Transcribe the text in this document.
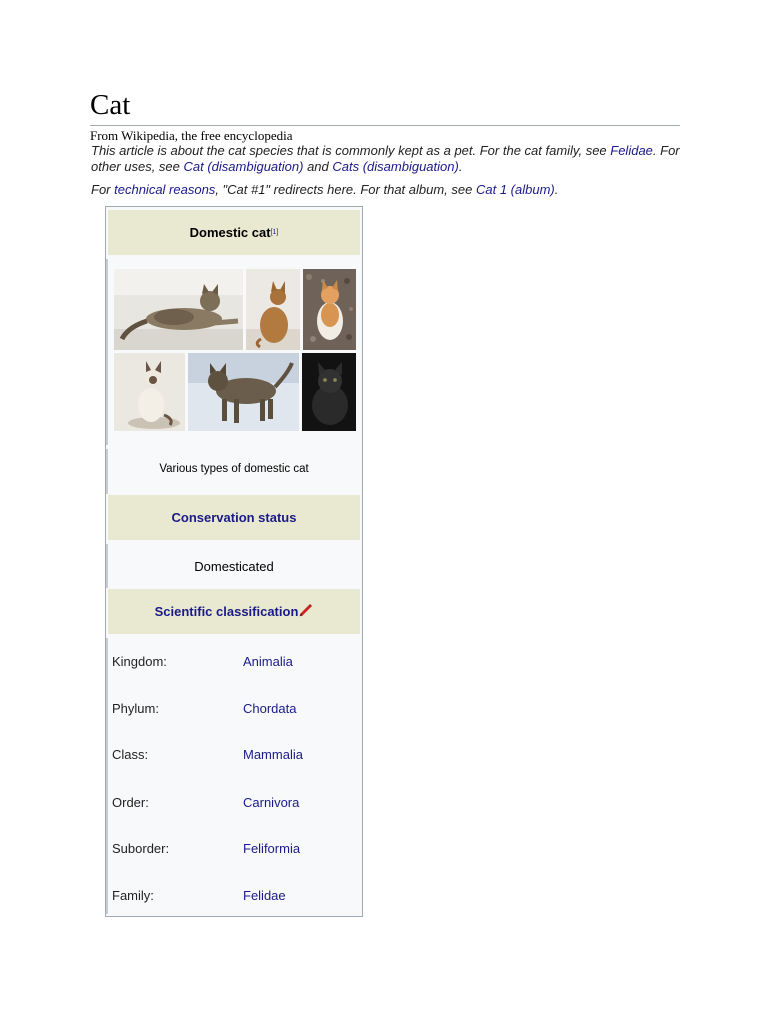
Cat
From Wikipedia, the free encyclopedia
This article is about the cat species that is commonly kept as a pet. For the cat family, see Felidae. For other uses, see Cat (disambiguation) and Cats (disambiguation).
For technical reasons, "Cat #1" redirects here. For that album, see Cat 1 (album).
Domestic cat [1]
Various types of domestic cat
Conservation status
Domesticated
Scientific classification
Kingdom:	Animalia
Phylum:	Chordata
Class:	Mammalia
Order:	Carnivora
Suborder:	Feliformia
Family:	Felidae
